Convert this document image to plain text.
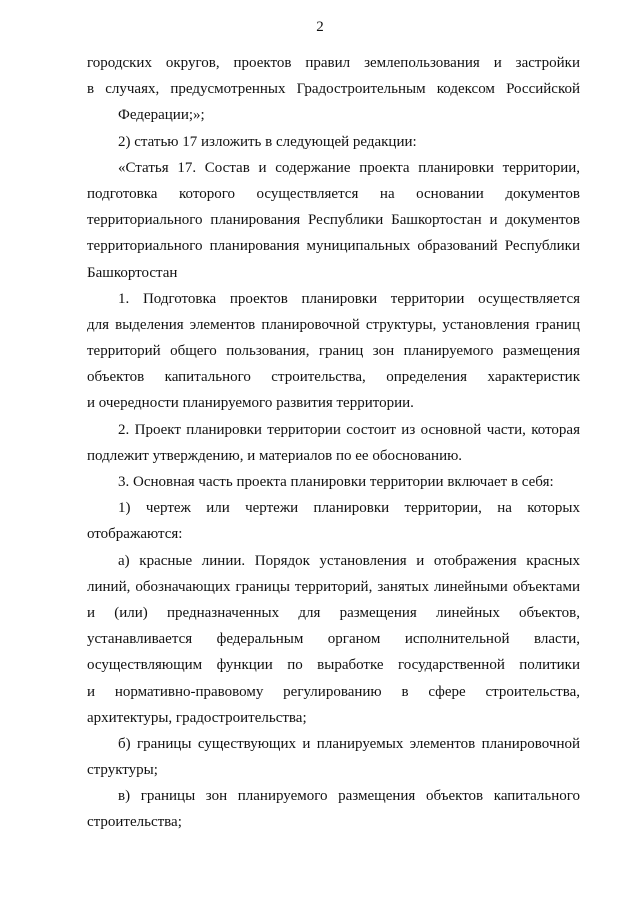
2
городских округов, проектов правил землепользования и застройки
в случаях, предусмотренных Градостроительным кодексом Российской
Федерации;»;
2) статью 17 изложить в следующей редакции:
«Статья 17. Состав и содержание проекта планировки территории,
подготовка которого осуществляется на основании документов
территориального планирования Республики Башкортостан и документов
территориального планирования муниципальных образований Республики
Башкортостан
1. Подготовка проектов планировки территории осуществляется
для выделения элементов планировочной структуры, установления границ
территорий общего пользования, границ зон планируемого размещения
объектов капитального строительства, определения характеристик
и очередности планируемого развития территории.
2. Проект планировки территории состоит из основной части, которая
подлежит утверждению, и материалов по ее обоснованию.
3. Основная часть проекта планировки территории включает в себя:
1) чертеж или чертежи планировки территории, на которых
отображаются:
а) красные линии. Порядок установления и отображения красных
линий, обозначающих границы территорий, занятых линейными объектами
и (или) предназначенных для размещения линейных объектов,
устанавливается федеральным органом исполнительной власти,
осуществляющим функции по выработке государственной политики
и нормативно-правовому регулированию в сфере строительства,
архитектуры, градостроительства;
б) границы существующих и планируемых элементов планировочной
структуры;
в) границы зон планируемого размещения объектов капитального
строительства;
